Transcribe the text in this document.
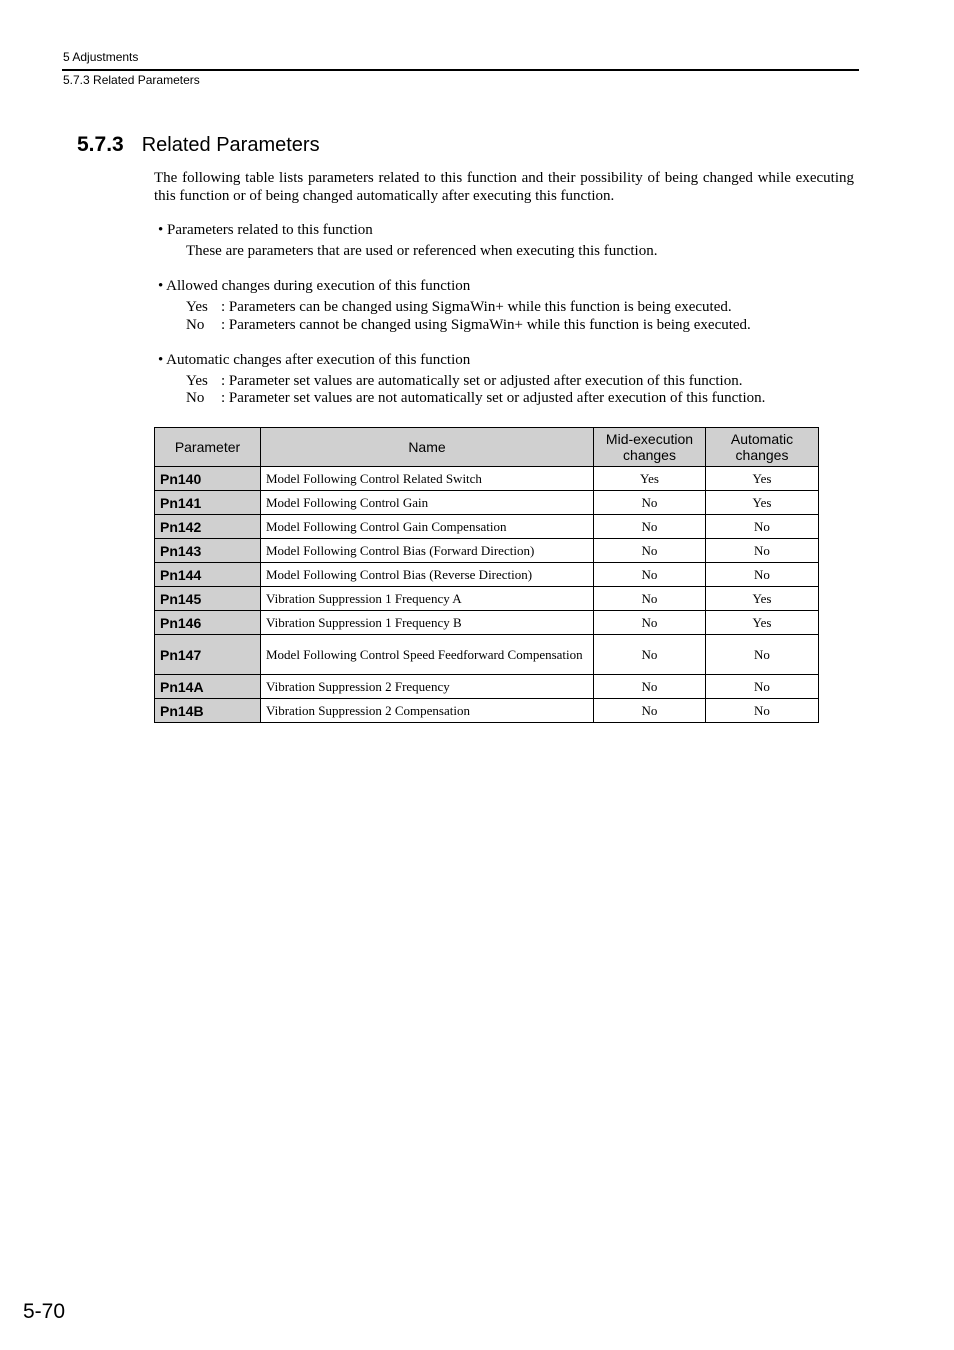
5 Adjustments
5.7.3 Related Parameters
5.7.3 Related Parameters
The following table lists parameters related to this function and their possibility of being changed while executing this function or of being changed automatically after executing this function.
• Parameters related to this function
These are parameters that are used or referenced when executing this function.
• Allowed changes during execution of this function
Yes : Parameters can be changed using SigmaWin+ while this function is being executed.
No : Parameters cannot be changed using SigmaWin+ while this function is being executed.
• Automatic changes after execution of this function
Yes : Parameter set values are automatically set or adjusted after execution of this function.
No : Parameter set values are not automatically set or adjusted after execution of this function.
Parameter	Name	Mid-execution changes	Automatic changes
Pn140	Model Following Control Related Switch	Yes	Yes
Pn141	Model Following Control Gain	No	Yes
Pn142	Model Following Control Gain Compensation	No	No
Pn143	Model Following Control Bias (Forward Direction)	No	No
Pn144	Model Following Control Bias (Reverse Direction)	No	No
Pn145	Vibration Suppression 1 Frequency A	No	Yes
Pn146	Vibration Suppression 1 Frequency B	No	Yes
Pn147	Model Following Control Speed Feedforward Compensation	No	No
Pn14A	Vibration Suppression 2 Frequency	No	No
Pn14B	Vibration Suppression 2 Compensation	No	No
5-70
